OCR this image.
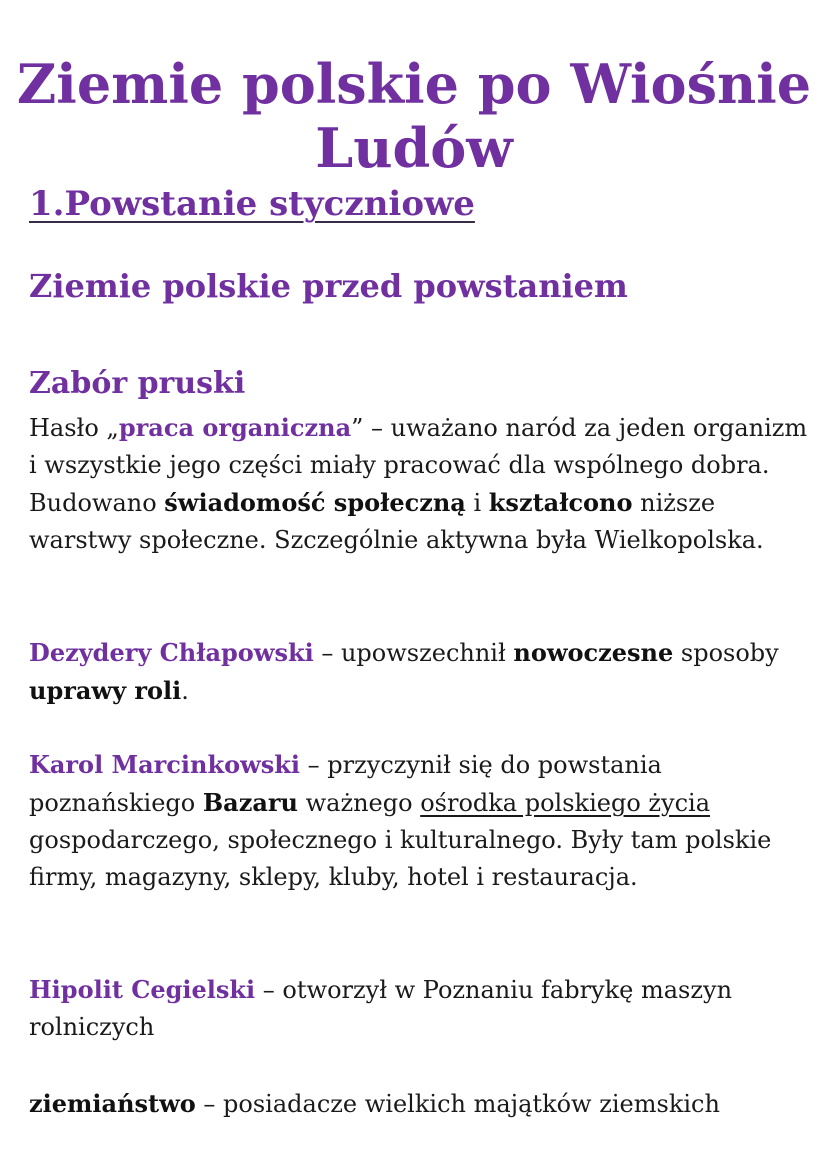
Ziemie polskie po Wiośnie Ludów
1.Powstanie styczniowe
Ziemie polskie przed powstaniem
Zabór pruski

Hasło „praca organiczna” – uważano naród za jeden organizm i wszystkie jego części miały pracować dla wspólnego dobra. Budowano świadomość społeczną i kształcono niższe warstwy społeczne. Szczególnie aktywna była Wielkopolska.

Dezydery Chłapowski – upowszechnił nowoczesne sposoby uprawy roli.

Karol Marcinkowski – przyczynił się do powstania poznańskiego Bazaru ważnego ośrodka polskiego życia gospodarczego, społecznego i kulturalnego. Były tam polskie firmy, magazyny, sklepy, kluby, hotel i restauracja.

Hipolit Cegielski – otworzył w Poznaniu fabrykę maszyn rolniczych

ziemiaństwo – posiadacze wielkich majątków ziemskich
